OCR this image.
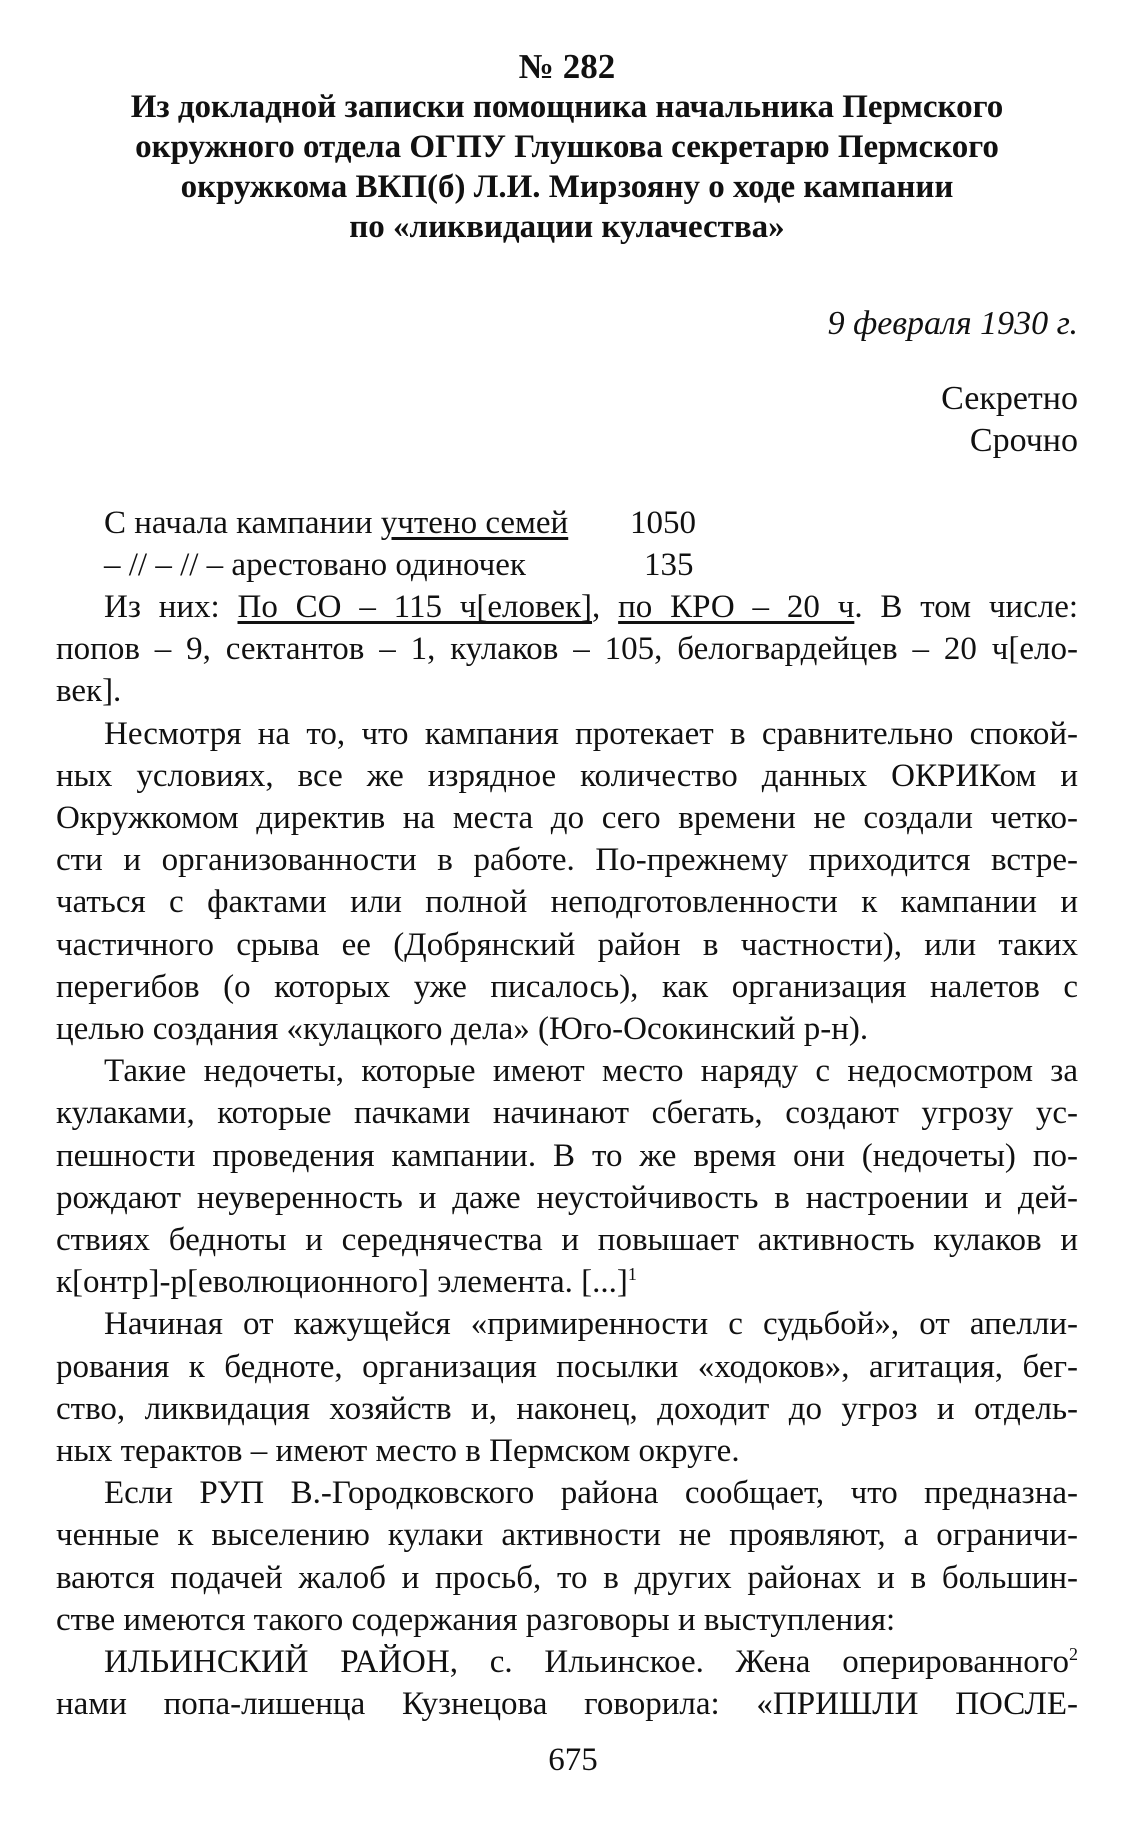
№ 282
Из докладной записки помощника начальника Пермского
окружного отдела ОГПУ Глушкова секретарю Пермского
окружкома ВКП(б) Л.И. Мирзояну о ходе кампании
по «ликвидации кулачества»
9 февраля 1930 г.
Секретно
Срочно
С начала кампании учтено семей	1050
– // – // – арестовано одиночек	135

Из них: По СО – 115 ч[еловек], по КРО – 20 ч. В том числе:
попов – 9, сектантов – 1, кулаков – 105, белогвардейцев – 20 ч[ело-
век].

Несмотря на то, что кампания протекает в сравнительно спокой-
ных условиях, все же изрядное количество данных ОКРИКом и
Окружкомом директив на места до сего времени не создали четко-
сти и организованности в работе. По-прежнему приходится встре-
чаться с фактами или полной неподготовленности к кампании и
частичного срыва ее (Добрянский район в частности), или таких
перегибов (о которых уже писалось), как организация налетов с
целью создания «кулацкого дела» (Юго-Осокинский р-н).

Такие недочеты, которые имеют место наряду с недосмотром за
кулаками, которые пачками начинают сбегать, создают угрозу ус-
пешности проведения кампании. В то же время они (недочеты) по-
рождают неуверенность и даже неустойчивость в настроении и дей-
ствиях бедноты и середнячества и повышает активность кулаков и
к[онтр]-р[еволюционного] элемента. [...]$^1$

Начиная от кажущейся «примиренности с судьбой», от апелли-
рования к бедноте, организация посылки «ходоков», агитация, бег-
ство, ликвидация хозяйств и, наконец, доходит до угроз и отдель-
ных терактов – имеют место в Пермском округе.

Если РУП В.-Городковского района сообщает, что предназна-
ченные к выселению кулаки активности не проявляют, а ограничи-
ваются подачей жалоб и просьб, то в других районах и в большин-
стве имеются такого содержания разговоры и выступления:

ИЛЬИНСКИЙ РАЙОН, с. Ильинское. Жена оперированного$^2$
нами попа-лишенца Кузнецова говорила: «ПРИШЛИ ПОСЛЕ-

675
